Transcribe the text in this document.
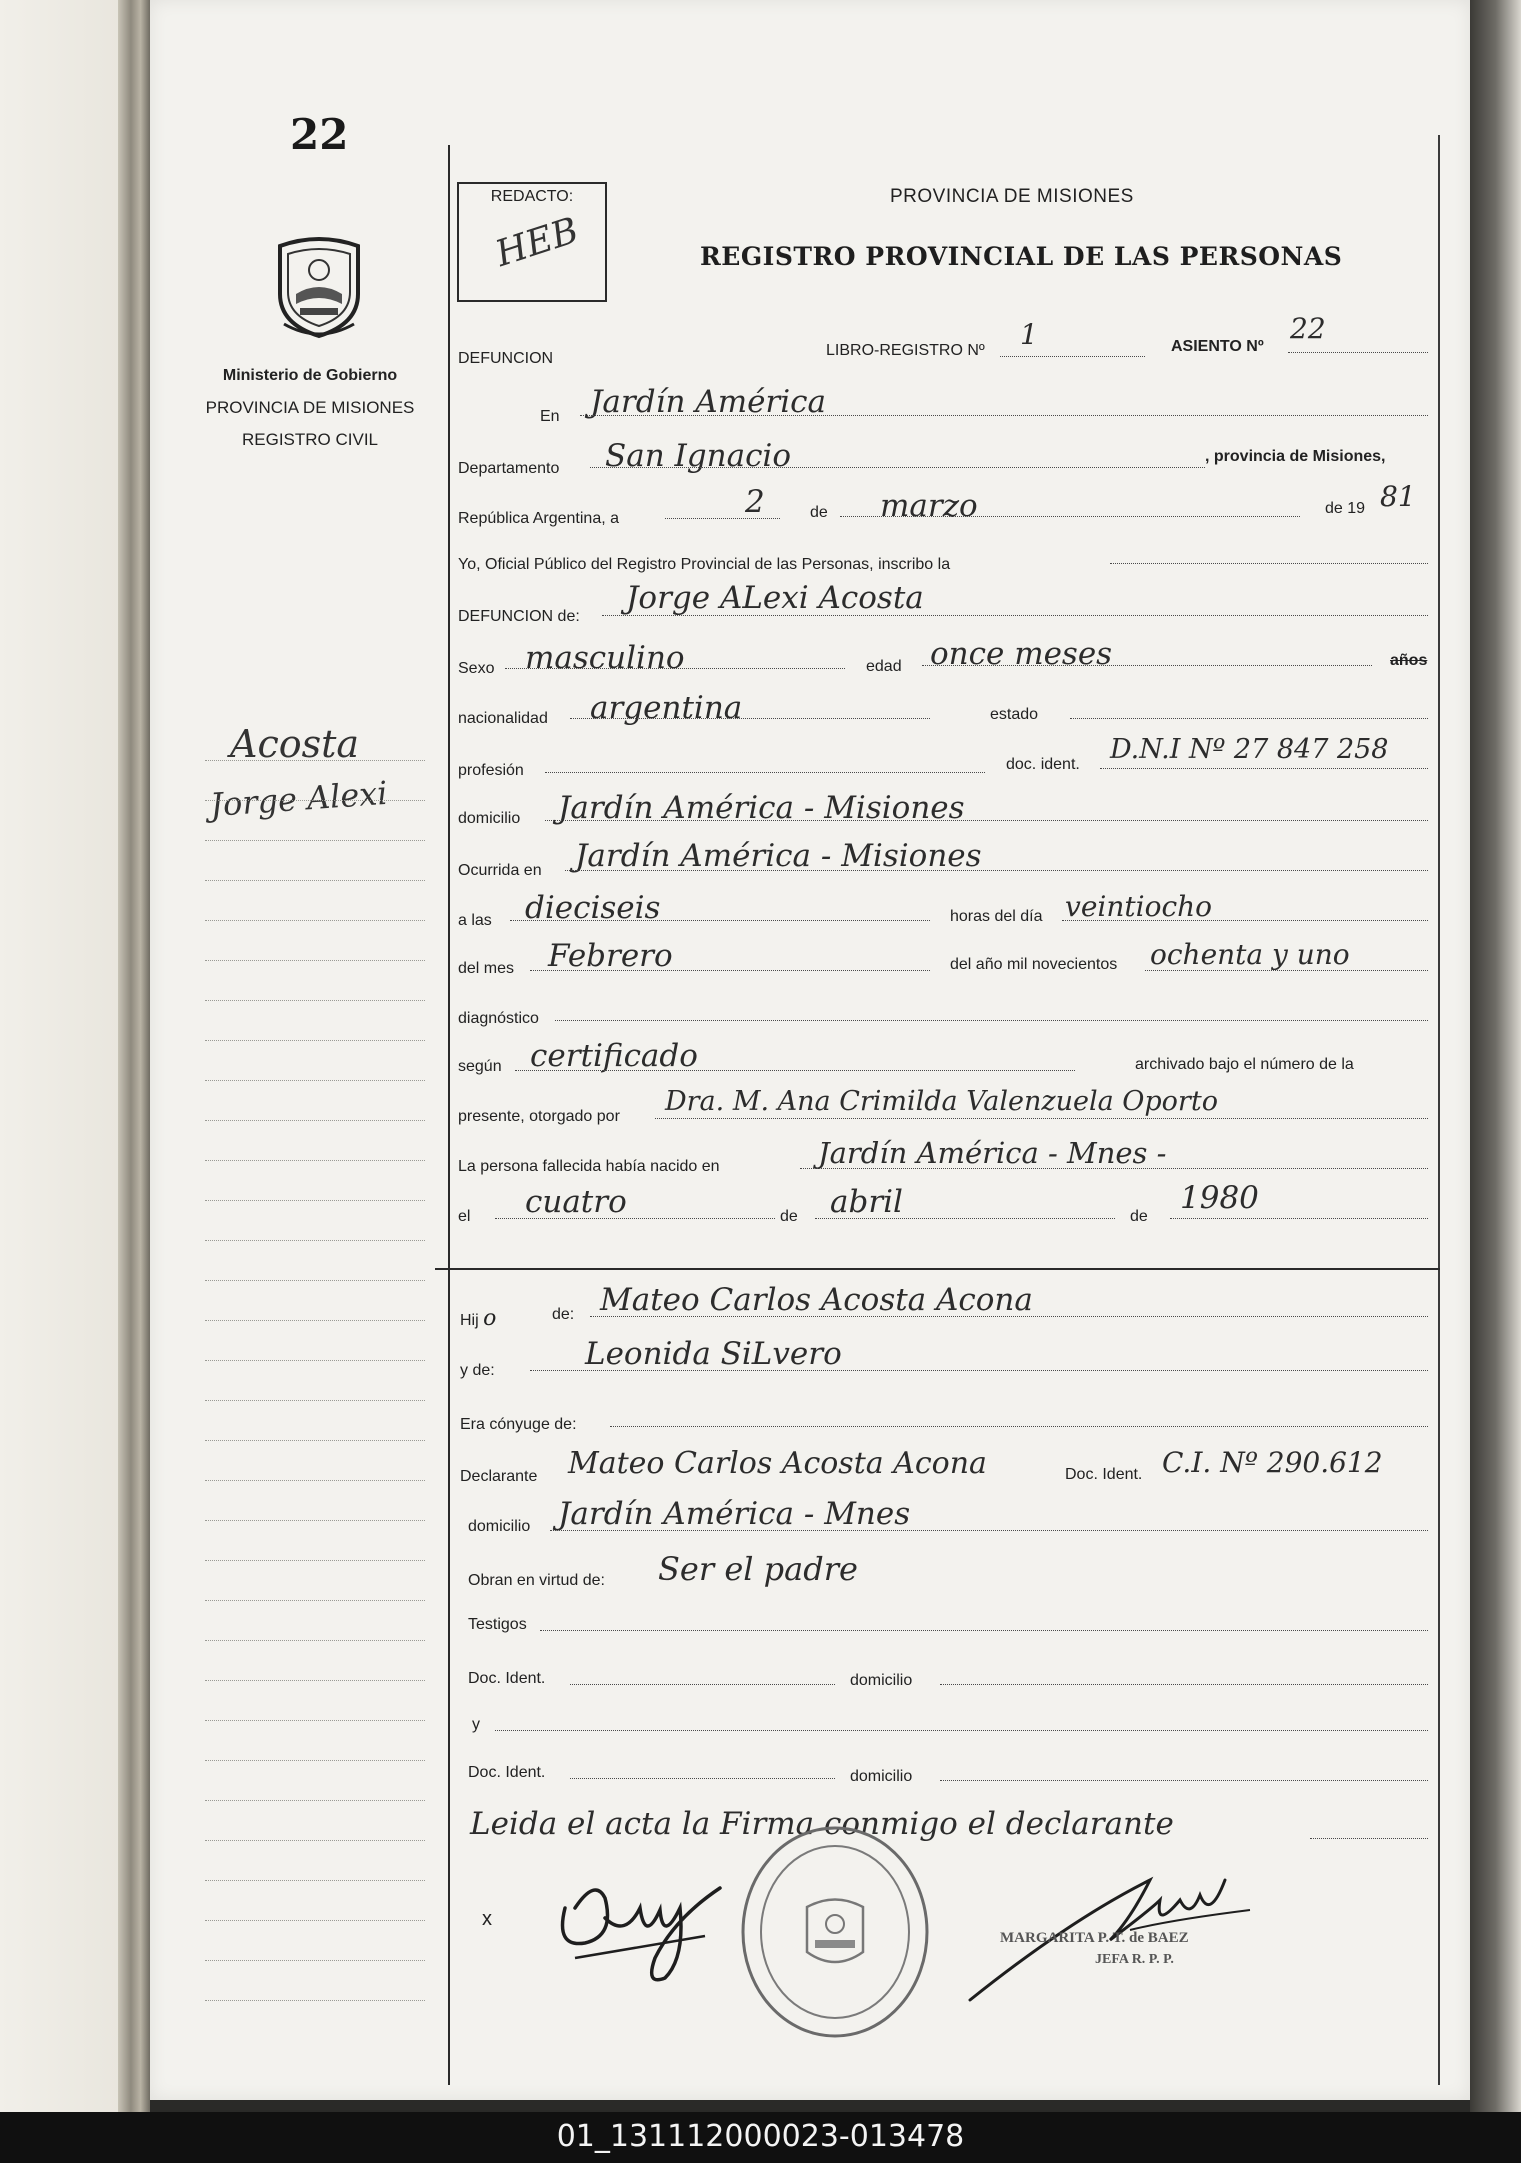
22
Ministerio de Gobierno
PROVINCIA DE MISIONES
REGISTRO CIVIL
Acosta
Jorge Alexi
REDACTO:
HEB
PROVINCIA DE MISIONES
REGISTRO PROVINCIAL DE LAS PERSONAS
DEFUNCION	LIBRO-REGISTRO Nº 1	ASIENTO Nº
22
En Jardín América
Departamento San Ignacio	, provincia de Misiones,
República Argentina, a	2	de marzo	de 19 81
Yo, Oficial Público del Registro Provincial de las Personas, inscribo la
DEFUNCION de:
Jorge ALexi Acosta
Sexo masculino	edad once meses	años
nacionalidad argentina	estado
profesión	doc. ident. D.N.I Nº 27 847 258
domicilio Jardín América - Misiones
Ocurrida en Jardín América - Misiones
a las dieciseis	horas del día veintiocho
del mes Febrero	del año mil novecientos ochenta y uno
diagnóstico
según certificado	archivado bajo el número de la
presente, otorgado por Dra. M. Ana Crimilda Valenzuela Oporto
La persona fallecida había nacido en	Jardín América - Mnes -
el cuatro	de abril	de
1980
Hij o	de: Mateo Carlos Acosta Acona
y de:	Leonida SiLvero
Era cónyuge de:
Declarante Mateo Carlos Acosta Acona	Doc. Ident. C.I. Nº 290.612
domicilio Jardín América - Mnes
Obran en virtud de: Ser el padre
Testigos
Doc. Ident.	domicilio
y
Doc. Ident.	domicilio
Leida el acta la Firma conmigo el declarante
x
MARGARITA P. T. de BAEZ
JEFA R. P. P.
01_131112000023-013478
